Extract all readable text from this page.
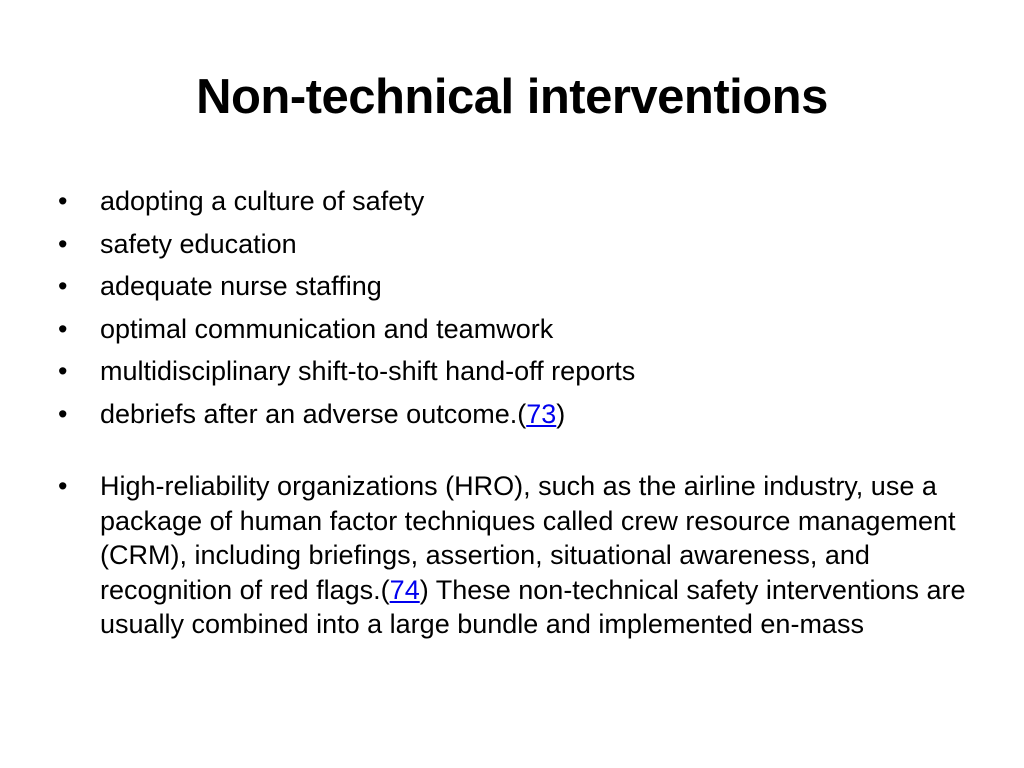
Non-technical interventions
•	adopting a culture of safety
•	safety education
•	adequate nurse staffing
•	optimal communication and teamwork
•	multidisciplinary shift-to-shift hand-off reports
•	debriefs after an adverse outcome.(73)
•	High-reliability organizations (HRO), such as the airline industry, use a package of human factor techniques called crew resource management (CRM), including briefings, assertion, situational awareness, and recognition of red flags.(74) These non-technical safety interventions are usually combined into a large bundle and implemented en-mass
